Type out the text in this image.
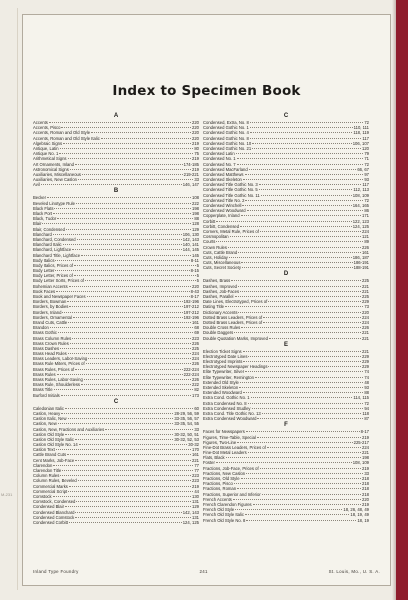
M-231
Index to Specimen Book
A
Accents	220
Accents, Pisco	220
Accents, Roman and Old Style	220
Accents, Roman and Old Style Italic	220
Algebraic Signs	219
Antique, Latin	80
Antique No. 1	75
Arithmetical Signs	219
Art Ornaments, Inland	174-185
Astronomical Signs	219
Auxiliaries, Miscellaneous	219-221
Auxiliaries, New Caslon	33
Avil	146, 147
B
Becker	108
Beveled Linotype Rule	222
Black Flats	198
Black Port	198
Black, Tudor	88
Blair	128
Blair, Condensed	129
Blanchard	106, 130
Blanchard, Condensed	142, 143
Blanchard Italic	140, 141
Blanchard, Lightface	144, 145
Blanchard Title, Lightface	145
Body Italics	8-11
Body Italics, Prices of	5
Body Letter	8-15
Body Letter, Prices of	5
Body Letter Sorts, Prices of	5
Bohemian Accents	220
Book Faces	8-43
Book and Newspaper Faces	8-17
Borders, Bowman	192-196
Borders, by Bodies	197-212
Borders, Inland	197-212
Borders, Ornamental	192-196
Brand Cuts, Cattle	161
Brandon	68
Brass Gothic	69
Brass Column Rules	223
Brass Crown Rules	226
Brass Dashes	225
Brass Head Rules	224
Brass Leaders, Labor-Saving	224
Brass Rule Miters, Prices of	226
Brass Rules, Prices of	222-224
Brass Rules	222-224
Brass Rules, Labor-Saving	226
Brass Rule, Shoulderless	222
Brass Title	82
Burford Initials	173
C
Caledonian Italic	60
Caslon, Heavy	28-29, 56, 59
Caslon Italic, New	33-35, 56, 57
Caslon, New	33-35, 54, 55
Caslon, New, Fractions and Auxiliaries	33
Caslon Old Style	30-32, 50, 51
Caslon Old Style Italic	30-32, 52, 53
Caslon Old Style No. 14	30-32
Caslon Text	170
Cattle Brand Cuts	161
Cent Marks, Job-Face	221
Clarendon	77
Clarendon Title	77
Column Rules	223
Column Rules, Beveled	223
Commercial Marks	219
Commercial Script	44
Comstock	130
Comstock, Condensed	131
Condensed Blair	129
Condensed Blanchard	142, 143
Condensed Comstock	131
Condensed Corbitt	124, 125
C
Condensed, Extra, No. 8	72
Condensed Gothic No. 1	110, 111
Condensed Gothic No. 4	118, 119
Condensed Gothic No. 8	117
Condensed Gothic No. 10	106, 107
Condensed Gothic No. 21	120
Condensed Latin	79
Condensed No. 1	71
Condensed No. 7	72
Condensed MacFarland	66, 67
Condensed Matthews	97
Condensed Skeleton	93
Condensed Title Gothic No. 3	117
Condensed Title Gothic No. 5	112, 113
Condensed Title Gothic No. 11	108, 109
Condensed Title No. 2	72
Condensed Winchell	164, 165
Condensed Woodward	86
Copperplate, Inland	171
Corbitt	122, 123
Corbitt, Condensed	124, 125
Corners, Metal Rule, Prices of	224
Cosmopolitan	121
Courts	89
Crown Rules	226
Cuts, Cattle Brand	161
Cuts, Holiday	186, 187
Cuts, Miscellaneous	186-191
Cuts, Secret Society	188-191
D
Dashes, Brass	225
Dashes, Improved	221
Dashes, Job-Faces	221
Dashes, Parallel	225
Date Lines, Electrotyped, Prices of	229
Dating Title	73
Dictionary Accents	220
Dotted Brass Leaders, Prices of	224
Dotted Brass Leaders, Prices of	224
Double Cross Rules	226
Double Daggers	221
Double Quotation Marks, Improved	221
E
Election Ticket Signs	221
Electrotyped Date Lines	229
Electrotyped Imprints	229
Electrotyped Newspaper Headings	229
Elite Typewriter, Silver	74
Elite Typewriter, Remington	74
Extended Old Style	48
Extended Skeleton	93
Extended Woodward	88
Extra Cond. Gothic No. 1	114, 115
Extra Condensed No. 8	72
Extra Condensed Studley	94
Extra Cond. Title Gothic No. 13	118
Extra Condensed Woodward	87
F
Faces for Newspapers	8-17
Figures, Time-Table, Special	219
Figures, Two-Line	225-217
Fine-Dot Brass Leaders, Prices of	224
Fine-Dot Metal Leaders	221
Flats, Black	198
Foster	108, 109
Fractions, Job-Face, Prices of	219
Fractions, New Caslon	33
Fractions, Old Style	218
Fractions, Pisco	218
Fractions, Roman	218
Fractions, Superior and Inferior	218
French Accents	220
French Clarendon Figures	219
French Old Style	18, 26, 48, 49
French Old Style Italic	18, 19, 49
French Old Style No. 8	18, 19
Inland Type Foundry	241	St. Louis, Mo., U. S. A.
